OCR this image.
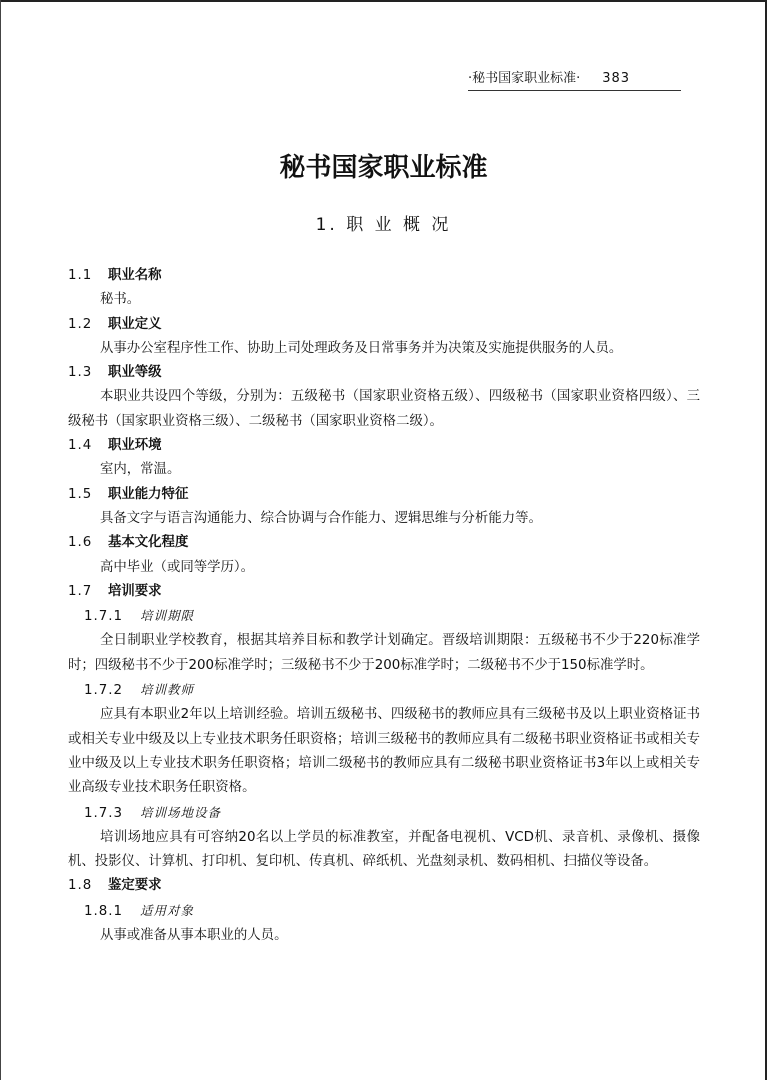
·秘书国家职业标准· 383
秘书国家职业标准
1. 职 业 概 况

1.1 职业名称

秘书。

1.2 职业定义

从事办公室程序性工作、协助上司处理政务及日常事务并为决策及实施提供服务的人员。

1.3 职业等级

本职业共设四个等级，分别为：五级秘书（国家职业资格五级）、四级秘书（国家职业资格四级）、三级秘书（国家职业资格三级）、二级秘书（国家职业资格二级）。

1.4 职业环境

室内，常温。

1.5 职业能力特征

具备文字与语言沟通能力、综合协调与合作能力、逻辑思维与分析能力等。

1.6 基本文化程度

高中毕业（或同等学历）。

1.7 培训要求

1.7.1 培训期限

全日制职业学校教育，根据其培养目标和教学计划确定。晋级培训期限：五级秘书不少于220标准学时；四级秘书不少于200标准学时；三级秘书不少于200标准学时；二级秘书不少于150标准学时。

1.7.2 培训教师

应具有本职业2年以上培训经验。培训五级秘书、四级秘书的教师应具有三级秘书及以上职业资格证书或相关专业中级及以上专业技术职务任职资格；培训三级秘书的教师应具有二级秘书职业资格证书或相关专业中级及以上专业技术职务任职资格；培训二级秘书的教师应具有二级秘书职业资格证书3年以上或相关专业高级专业技术职务任职资格。

1.7.3 培训场地设备

培训场地应具有可容纳20名以上学员的标准教室，并配备电视机、VCD机、录音机、录像机、摄像机、投影仪、计算机、打印机、复印机、传真机、碎纸机、光盘刻录机、数码相机、扫描仪等设备。

1.8 鉴定要求

1.8.1 适用对象

从事或准备从事本职业的人员。
